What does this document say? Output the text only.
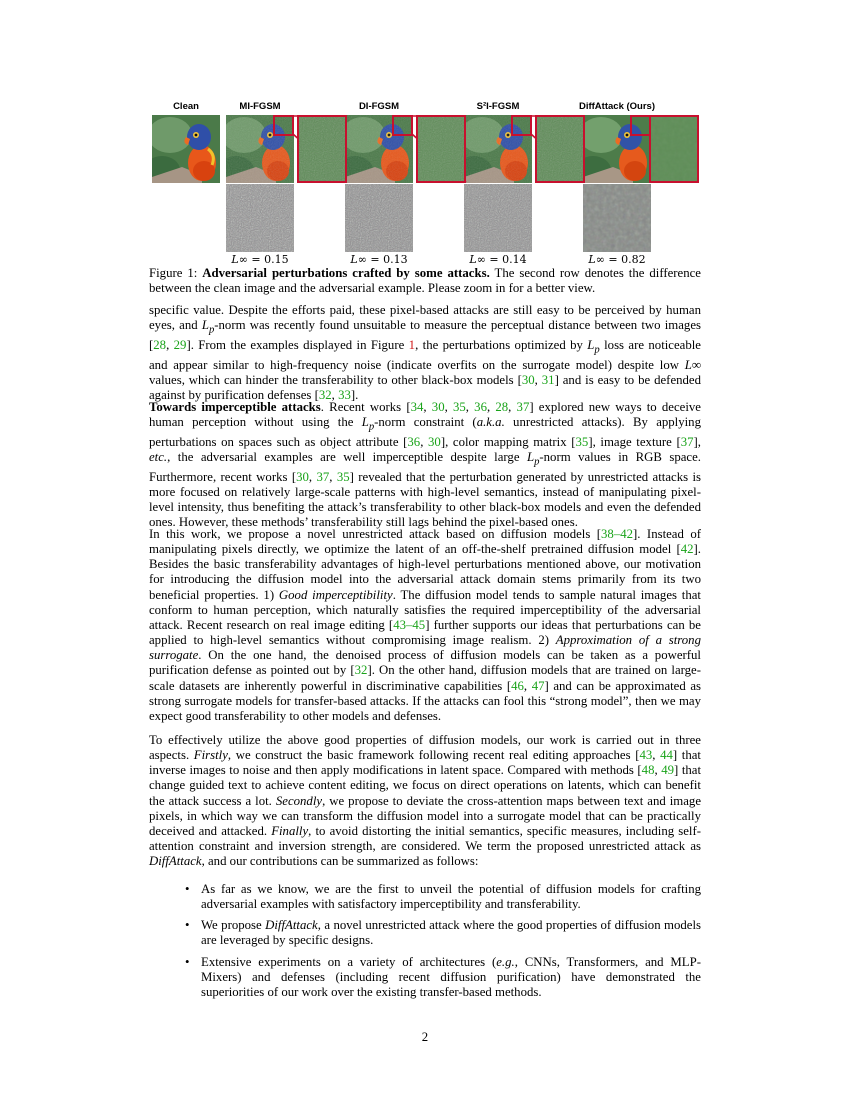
Clean	MI-FGSM	DI-FGSM	S²I-FGSM	DiffAttack (Ours)
L∞ = 0.15	L∞ = 0.13	L∞ = 0.14	L∞ = 0.82
Figure 1: Adversarial perturbations crafted by some attacks. The second row denotes the difference between the clean image and the adversarial example. Please zoom in for a better view.

specific value. Despite the efforts paid, these pixel-based attacks are still easy to be perceived by human eyes, and $L_p$-norm was recently found unsuitable to measure the perceptual distance between two images [28, 29]. From the examples displayed in Figure 1, the perturbations optimized by $L_p$ loss are noticeable and appear similar to high-frequency noise (indicate overfits on the surrogate model) despite low L∞ values, which can hinder the transferability to other black-box models [30, 31] and is easy to be defended against by purification defenses [32, 33].

Towards imperceptible attacks. Recent works [34, 30, 35, 36, 28, 37] explored new ways to deceive human perception without using the $L_p$-norm constraint (a.k.a. unrestricted attacks). By applying perturbations on spaces such as object attribute [36, 30], color mapping matrix [35], image texture [37], etc., the adversarial examples are well imperceptible despite large $L_p$-norm values in RGB space. Furthermore, recent works [30, 37, 35] revealed that the perturbation generated by unrestricted attacks is more focused on relatively large-scale patterns with high-level semantics, instead of manipulating pixel-level intensity, thus benefiting the attack’s transferability to other black-box models and even the defended ones. However, these methods’ transferability still lags behind the pixel-based ones.

In this work, we propose a novel unrestricted attack based on diffusion models [38–42]. Instead of manipulating pixels directly, we optimize the latent of an off-the-shelf pretrained diffusion model [42]. Besides the basic transferability advantages of high-level perturbations mentioned above, our motivation for introducing the diffusion model into the adversarial attack domain stems primarily from its two beneficial properties. 1) Good imperceptibility. The diffusion model tends to sample natural images that conform to human perception, which naturally satisfies the required imperceptibility of the adversarial attack. Recent research on real image editing [43–45] further supports our ideas that perturbations can be applied to high-level semantics without compromising image realism. 2) Approximation of a strong surrogate. On the one hand, the denoised process of diffusion models can be taken as a powerful purification defense as pointed out by [32]. On the other hand, diffusion models that are trained on large-scale datasets are inherently powerful in discriminative capabilities [46, 47] and can be approximated as strong surrogate models for transfer-based attacks. If the attacks can fool this “strong model”, then we may expect good transferability to other models and defenses.

To effectively utilize the above good properties of diffusion models, our work is carried out in three aspects. Firstly, we construct the basic framework following recent real editing approaches [43, 44] that inverse images to noise and then apply modifications in latent space. Compared with methods [48, 49] that change guided text to achieve content editing, we focus on direct operations on latents, which can benefit the attack success a lot. Secondly, we propose to deviate the cross-attention maps between text and image pixels, in which way we can transform the diffusion model into a surrogate model that can be practically deceived and attacked. Finally, to avoid distorting the initial semantics, specific measures, including self-attention constraint and inversion strength, are considered. We term the proposed unrestricted attack as DiffAttack, and our contributions can be summarized as follows:

• As far as we know, we are the first to unveil the potential of diffusion models for crafting adversarial examples with satisfactory imperceptibility and transferability.
• We propose DiffAttack, a novel unrestricted attack where the good properties of diffusion models are leveraged by specific designs.
• Extensive experiments on a variety of architectures (e.g., CNNs, Transformers, and MLP-Mixers) and defenses (including recent diffusion purification) have demonstrated the superiorities of our work over the existing transfer-based methods.
2
